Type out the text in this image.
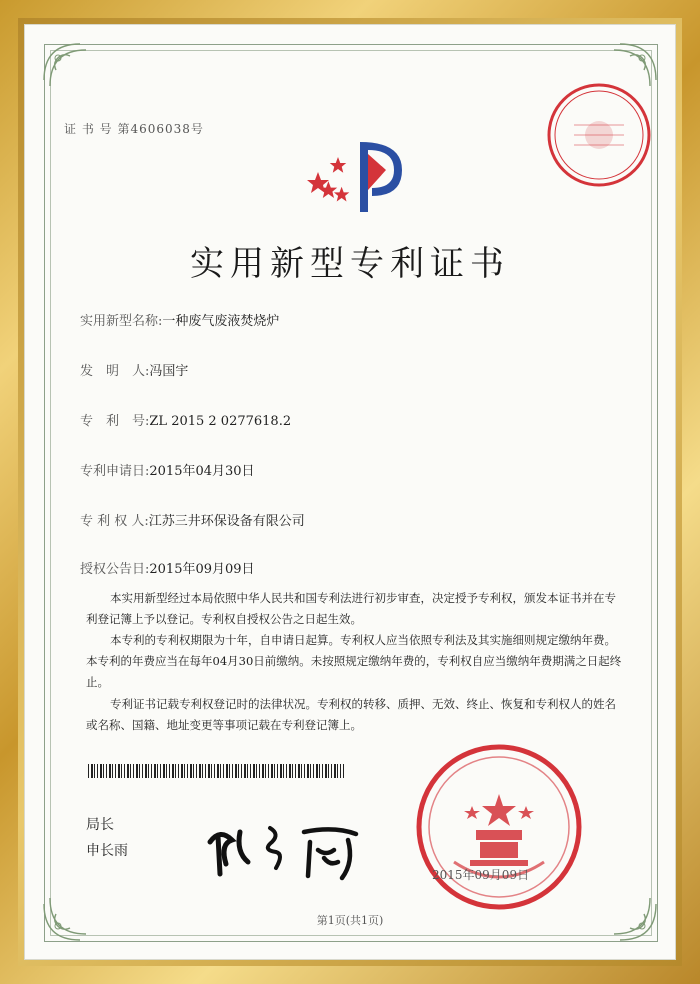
证 书 号 第4606038号
实用新型专利证书
实用新型名称:一种废气废液焚烧炉
发　明　人:冯国宇
专　利　号:ZL 2015 2 0277618.2
专利申请日:2015年04月30日
专 利 权 人:江苏三井环保设备有限公司
授权公告日:2015年09月09日
本实用新型经过本局依照中华人民共和国专利法进行初步审查，决定授予专利权，颁发本证书并在专利登记簿上予以登记。专利权自授权公告之日起生效。
本专利的专利权期限为十年，自申请日起算。专利权人应当依照专利法及其实施细则规定缴纳年费。本专利的年费应当在每年04月30日前缴纳。未按照规定缴纳年费的，专利权自应当缴纳年费期满之日起终止。
专利证书记载专利权登记时的法律状况。专利权的转移、质押、无效、终止、恢复和专利权人的姓名或名称、国籍、地址变更等事项记载在专利登记簿上。
局长
申长雨
2015年09月09日
第1页(共1页)
